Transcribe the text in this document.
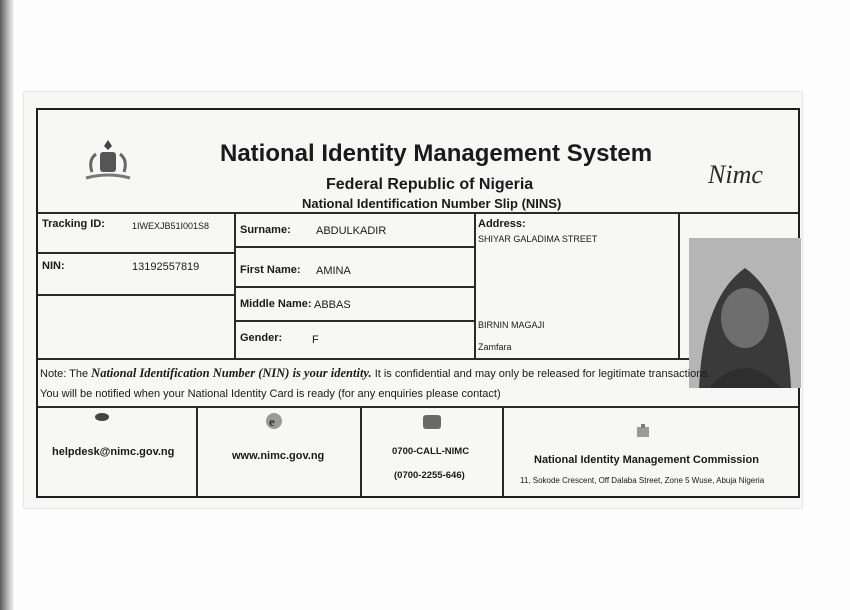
National Identity Management System
Federal Republic of Nigeria
National Identification Number Slip (NINS)
Nimc
Tracking ID:	1IWEXJB51I001S8
NIN:	13192557819
Surname: ABDULKADIR
First Name: AMINA
Middle Name: ABBAS
Gender:	F
Address:
SHIYAR GALADIMA STREET
BIRNIN MAGAJI
Zamfara
Note: The National Identification Number (NIN) is your identity. It is confidential and may only be released for legitimate transactions.
You will be notified when your National Identity Card is ready (for any enquiries please contact)
helpdesk@nimc.gov.ng
e
www.nimc.gov.ng	0700-CALL-NIMC
(0700-2255-646)
National Identity Management Commission
11, Sokode Crescent, Off Dalaba Street, Zone 5 Wuse, Abuja Nigeria
